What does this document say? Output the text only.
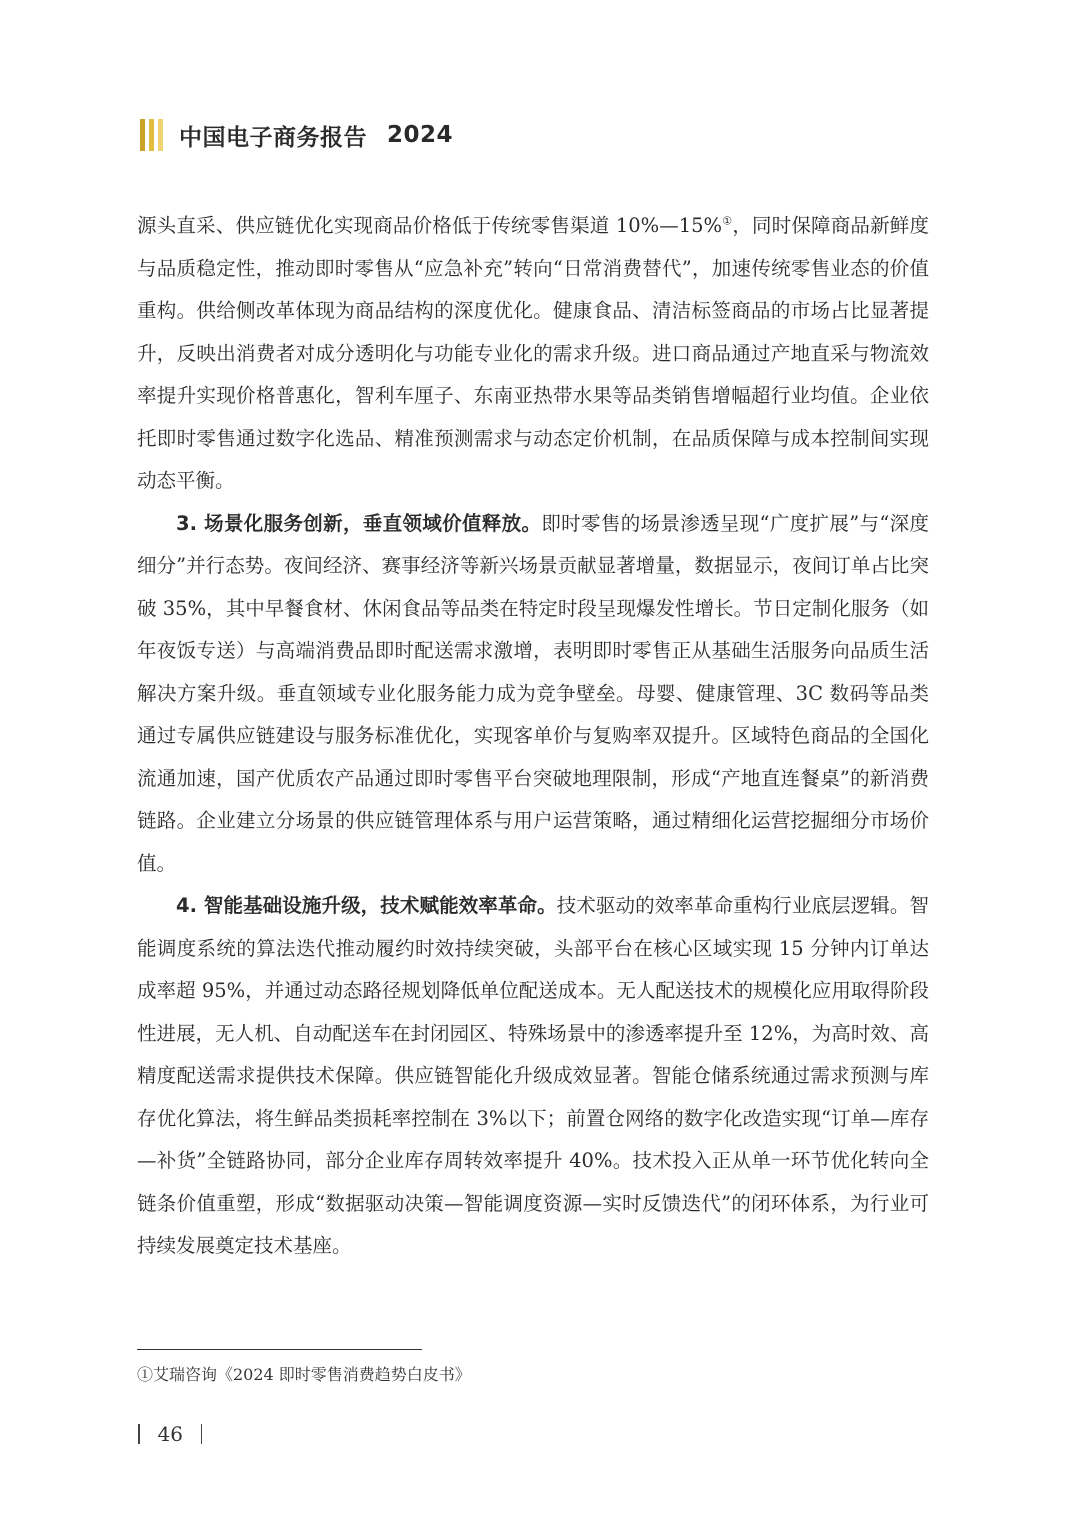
中国电子商务报告 2024

源头直采、供应链优化实现商品价格低于传统零售渠道 10%—15%①，同时保障商品新鲜度与品质稳定性，推动即时零售从“应急补充”转向“日常消费替代”，加速传统零售业态的价值重构。供给侧改革体现为商品结构的深度优化。健康食品、清洁标签商品的市场占比显著提升，反映出消费者对成分透明化与功能专业化的需求升级。进口商品通过产地直采与物流效率提升实现价格普惠化，智利车厘子、东南亚热带水果等品类销售增幅超行业均值。企业依托即时零售通过数字化选品、精准预测需求与动态定价机制，在品质保障与成本控制间实现动态平衡。

3. 场景化服务创新，垂直领域价值释放。即时零售的场景渗透呈现“广度扩展”与“深度细分”并行态势。夜间经济、赛事经济等新兴场景贡献显著增量，数据显示，夜间订单占比突破 35%，其中早餐食材、休闲食品等品类在特定时段呈现爆发性增长。节日定制化服务（如年夜饭专送）与高端消费品即时配送需求激增，表明即时零售正从基础生活服务向品质生活解决方案升级。垂直领域专业化服务能力成为竞争壁垒。母婴、健康管理、3C 数码等品类通过专属供应链建设与服务标准优化，实现客单价与复购率双提升。区域特色商品的全国化流通加速，国产优质农产品通过即时零售平台突破地理限制，形成“产地直连餐桌”的新消费链路。企业建立分场景的供应链管理体系与用户运营策略，通过精细化运营挖掘细分市场价值。

4. 智能基础设施升级，技术赋能效率革命。技术驱动的效率革命重构行业底层逻辑。智能调度系统的算法迭代推动履约时效持续突破，头部平台在核心区域实现 15 分钟内订单达成率超 95%，并通过动态路径规划降低单位配送成本。无人配送技术的规模化应用取得阶段性进展，无人机、自动配送车在封闭园区、特殊场景中的渗透率提升至 12%，为高时效、高精度配送需求提供技术保障。供应链智能化升级成效显著。智能仓储系统通过需求预测与库存优化算法，将生鲜品类损耗率控制在 3%以下；前置仓网络的数字化改造实现“订单—库存—补货”全链路协同，部分企业库存周转效率提升 40%。技术投入正从单一环节优化转向全链条价值重塑，形成“数据驱动决策—智能调度资源—实时反馈迭代”的闭环体系，为行业可持续发展奠定技术基座。

①艾瑞咨询《2024 即时零售消费趋势白皮书》
46
